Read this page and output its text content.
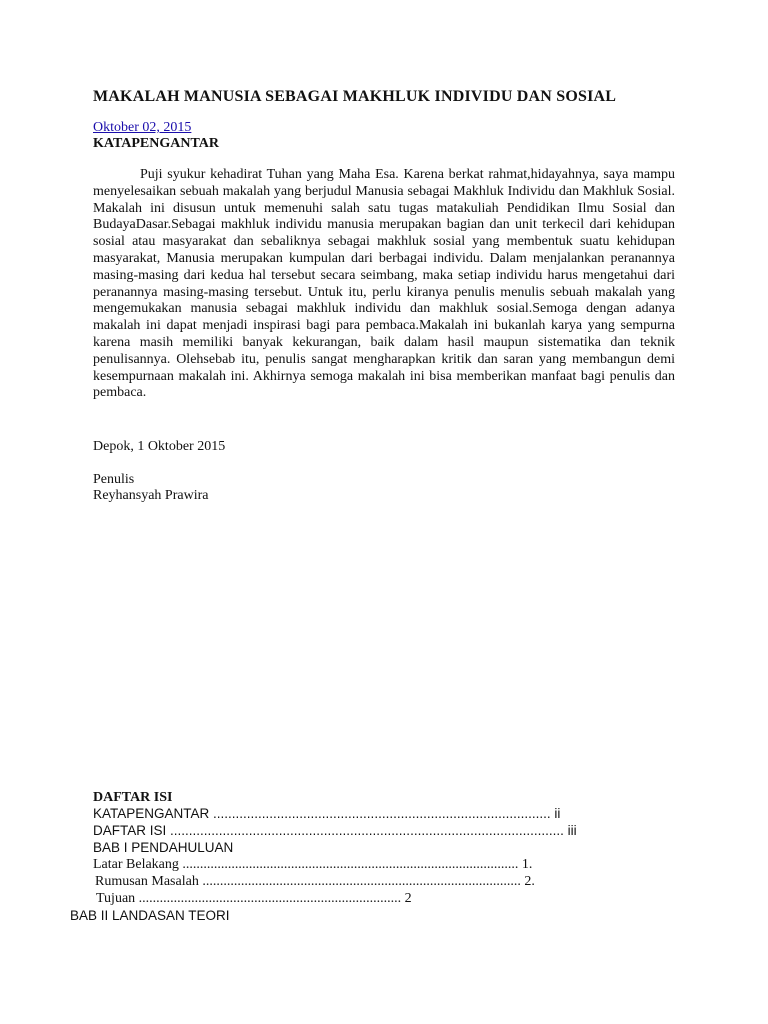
MAKALAH MANUSIA SEBAGAI MAKHLUK INDIVIDU DAN SOSIAL
Oktober 02, 2015
KATAPENGANTAR

Puji syukur kehadirat Tuhan yang Maha Esa. Karena berkat rahmat,hidayahnya, saya mampu menyelesaikan sebuah makalah yang berjudul Manusia sebagai Makhluk Individu dan Makhluk Sosial. Makalah ini disusun untuk memenuhi salah satu tugas matakuliah Pendidikan Ilmu Sosial dan BudayaDasar.Sebagai makhluk individu manusia merupakan bagian dan unit terkecil dari kehidupan sosial atau masyarakat dan sebaliknya sebagai makhluk sosial yang membentuk suatu kehidupan masyarakat, Manusia merupakan kumpulan dari berbagai individu. Dalam menjalankan peranannya masing-masing dari kedua hal tersebut secara seimbang, maka setiap individu harus mengetahui dari peranannya masing-masing tersebut. Untuk itu, perlu kiranya penulis menulis sebuah makalah yang mengemukakan manusia sebagai makhluk individu dan makhluk sosial.Semoga dengan adanya makalah ini dapat menjadi inspirasi bagi para pembaca.Makalah ini bukanlah karya yang sempurna karena masih memiliki banyak kekurangan, baik dalam hasil maupun sistematika dan teknik penulisannya. Olehsebab itu, penulis sangat mengharapkan kritik dan saran yang membangun demi kesempurnaan makalah ini. Akhirnya semoga makalah ini bisa memberikan manfaat bagi penulis dan pembaca.

Depok, 1 Oktober 2015
Penulis
Reyhansyah Prawira
DAFTAR ISI
KATAPENGANTAR .......................................................................................... ii
DAFTAR ISI ......................................................................................................... iii
BAB I PENDAHULUAN
Latar Belakang ................................................................................................ 1.
Rumusan Masalah ........................................................................................... 2.
Tujuan ........................................................................... 2
BAB II LANDASAN TEORI
